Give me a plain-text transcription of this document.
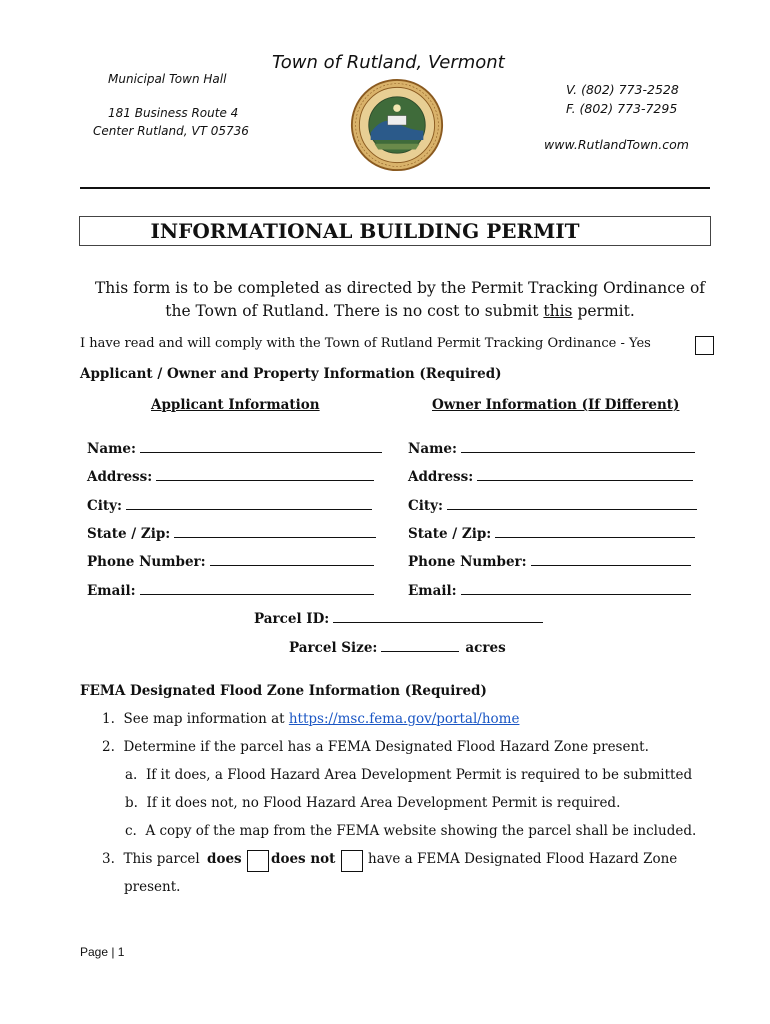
Town of Rutland, Vermont
Municipal Town Hall
181 Business Route 4
Center Rutland, VT 05736
V. (802) 773-2528
F. (802) 773-7295
www.RutlandTown.com
INFORMATIONAL BUILDING PERMIT
This form is to be completed as directed by the Permit Tracking Ordinance of
the Town of Rutland. There is no cost to submit this permit.
I have read and will comply with the Town of Rutland Permit Tracking Ordinance - Yes
Applicant / Owner and Property Information (Required)
Applicant Information	Owner Information (If Different)
Name:
Address:
City:
State / Zip:
Phone Number:
Email:
Name:
Address:
City:
State / Zip:
Phone Number:
Email:
Parcel ID:
Parcel Size:	acres
FEMA Designated Flood Zone Information (Required)
1. See map information at https://msc.fema.gov/portal/home
2. Determine if the parcel has a FEMA Designated Flood Hazard Zone present.
a. If it does, a Flood Hazard Area Development Permit is required to be submitted
b. If it does not, no Flood Hazard Area Development Permit is required.
c. A copy of the map from the FEMA website showing the parcel shall be included.
3. This parcel does does not have a FEMA Designated Flood Hazard Zone
present.
Page | 1
